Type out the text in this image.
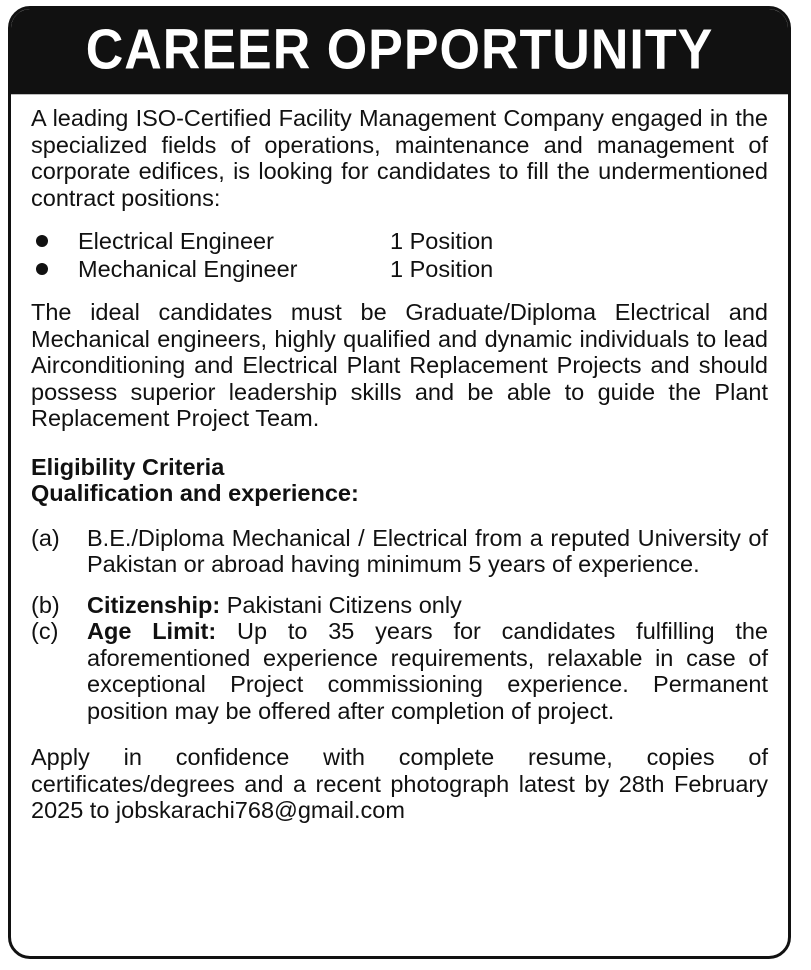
CAREER OPPORTUNITY

A leading ISO-Certified Facility Management Company engaged in the specialized fields of operations, maintenance and management of corporate edifices, is looking for candidates to fill the undermentioned contract positions:

Electrical Engineer	1 Position
Mechanical Engineer	1 Position

The ideal candidates must be Graduate/Diploma Electrical and Mechanical engineers, highly qualified and dynamic individuals to lead Airconditioning and Electrical Plant Replacement Projects and should possess superior leadership skills and be able to guide the Plant Replacement Project Team.

Eligibility Criteria

Qualification and experience:

(a)	B.E./Diploma Mechanical / Electrical from a reputed University of Pakistan or abroad having minimum 5 years of experience.
(b)	Citizenship: Pakistani Citizens only
(c)	Age Limit: Up to 35 years for candidates fulfilling the aforementioned experience requirements, relaxable in case of exceptional Project commissioning experience. Permanent position may be offered after completion of project.

Apply in confidence with complete resume, copies of certificates/degrees and a recent photograph latest by 28th February 2025 to jobskarachi768@gmail.com
